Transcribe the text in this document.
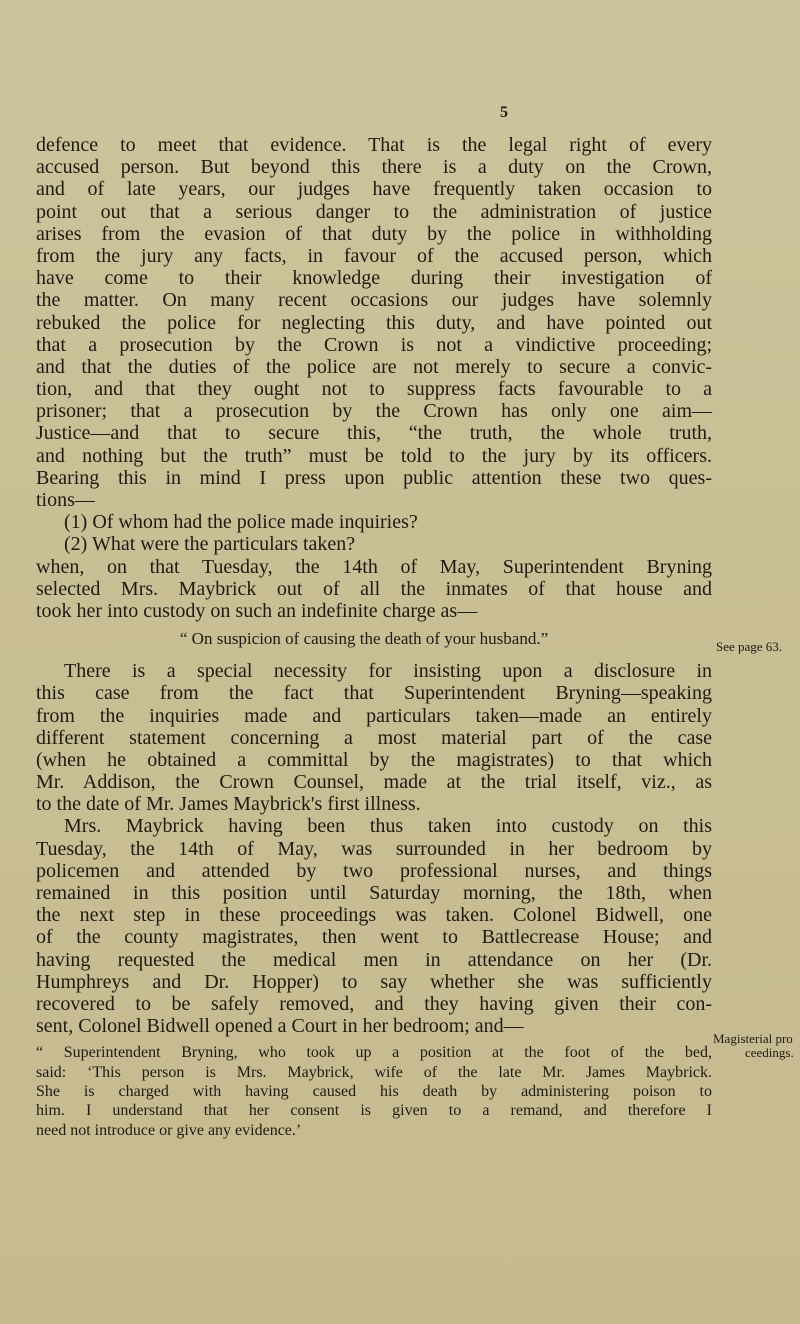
5
defence to meet that evidence. That is the legal right of every
accused person. But beyond this there is a duty on the Crown,
and of late years, our judges have frequently taken occasion to
point out that a serious danger to the administration of justice
arises from the evasion of that duty by the police in withholding
from the jury any facts, in favour of the accused person, which
have come to their knowledge during their investigation of
the matter. On many recent occasions our judges have solemnly
rebuked the police for neglecting this duty, and have pointed out
that a prosecution by the Crown is not a vindictive proceeding;
and that the duties of the police are not merely to secure a convic-
tion, and that they ought not to suppress facts favourable to a
prisoner; that a prosecution by the Crown has only one aim—
Justice—and that to secure this, “the truth, the whole truth,
and nothing but the truth” must be told to the jury by its officers.
Bearing this in mind I press upon public attention these two ques-
tions—
(1) Of whom had the police made inquiries?
(2) What were the particulars taken?
when, on that Tuesday, the 14th of May, Superintendent Bryning
selected Mrs. Maybrick out of all the inmates of that house and
took her into custody on such an indefinite charge as—
“ On suspicion of causing the death of your husband.”
There is a special necessity for insisting upon a disclosure in
this case from the fact that Superintendent Bryning—speaking
from the inquiries made and particulars taken—made an entirely
different statement concerning a most material part of the case
(when he obtained a committal by the magistrates) to that which
Mr. Addison, the Crown Counsel, made at the trial itself, viz., as
to the date of Mr. James Maybrick's first illness.
Mrs. Maybrick having been thus taken into custody on this
Tuesday, the 14th of May, was surrounded in her bedroom by
policemen and attended by two professional nurses, and things
remained in this position until Saturday morning, the 18th, when
the next step in these proceedings was taken. Colonel Bidwell, one
of the county magistrates, then went to Battlecrease House; and
having requested the medical men in attendance on her (Dr.
Humphreys and Dr. Hopper) to say whether she was sufficiently
recovered to be safely removed, and they having given their con-
sent, Colonel Bidwell opened a Court in her bedroom; and—
“ Superintendent Bryning, who took up a position at the foot of the bed,
said: ‘This person is Mrs. Maybrick, wife of the late Mr. James Maybrick.
She is charged with having caused his death by administering poison to
him. I understand that her consent is given to a remand, and therefore I
need not introduce or give any evidence.’
See page 63.
Magisterial pro
ceedings.
